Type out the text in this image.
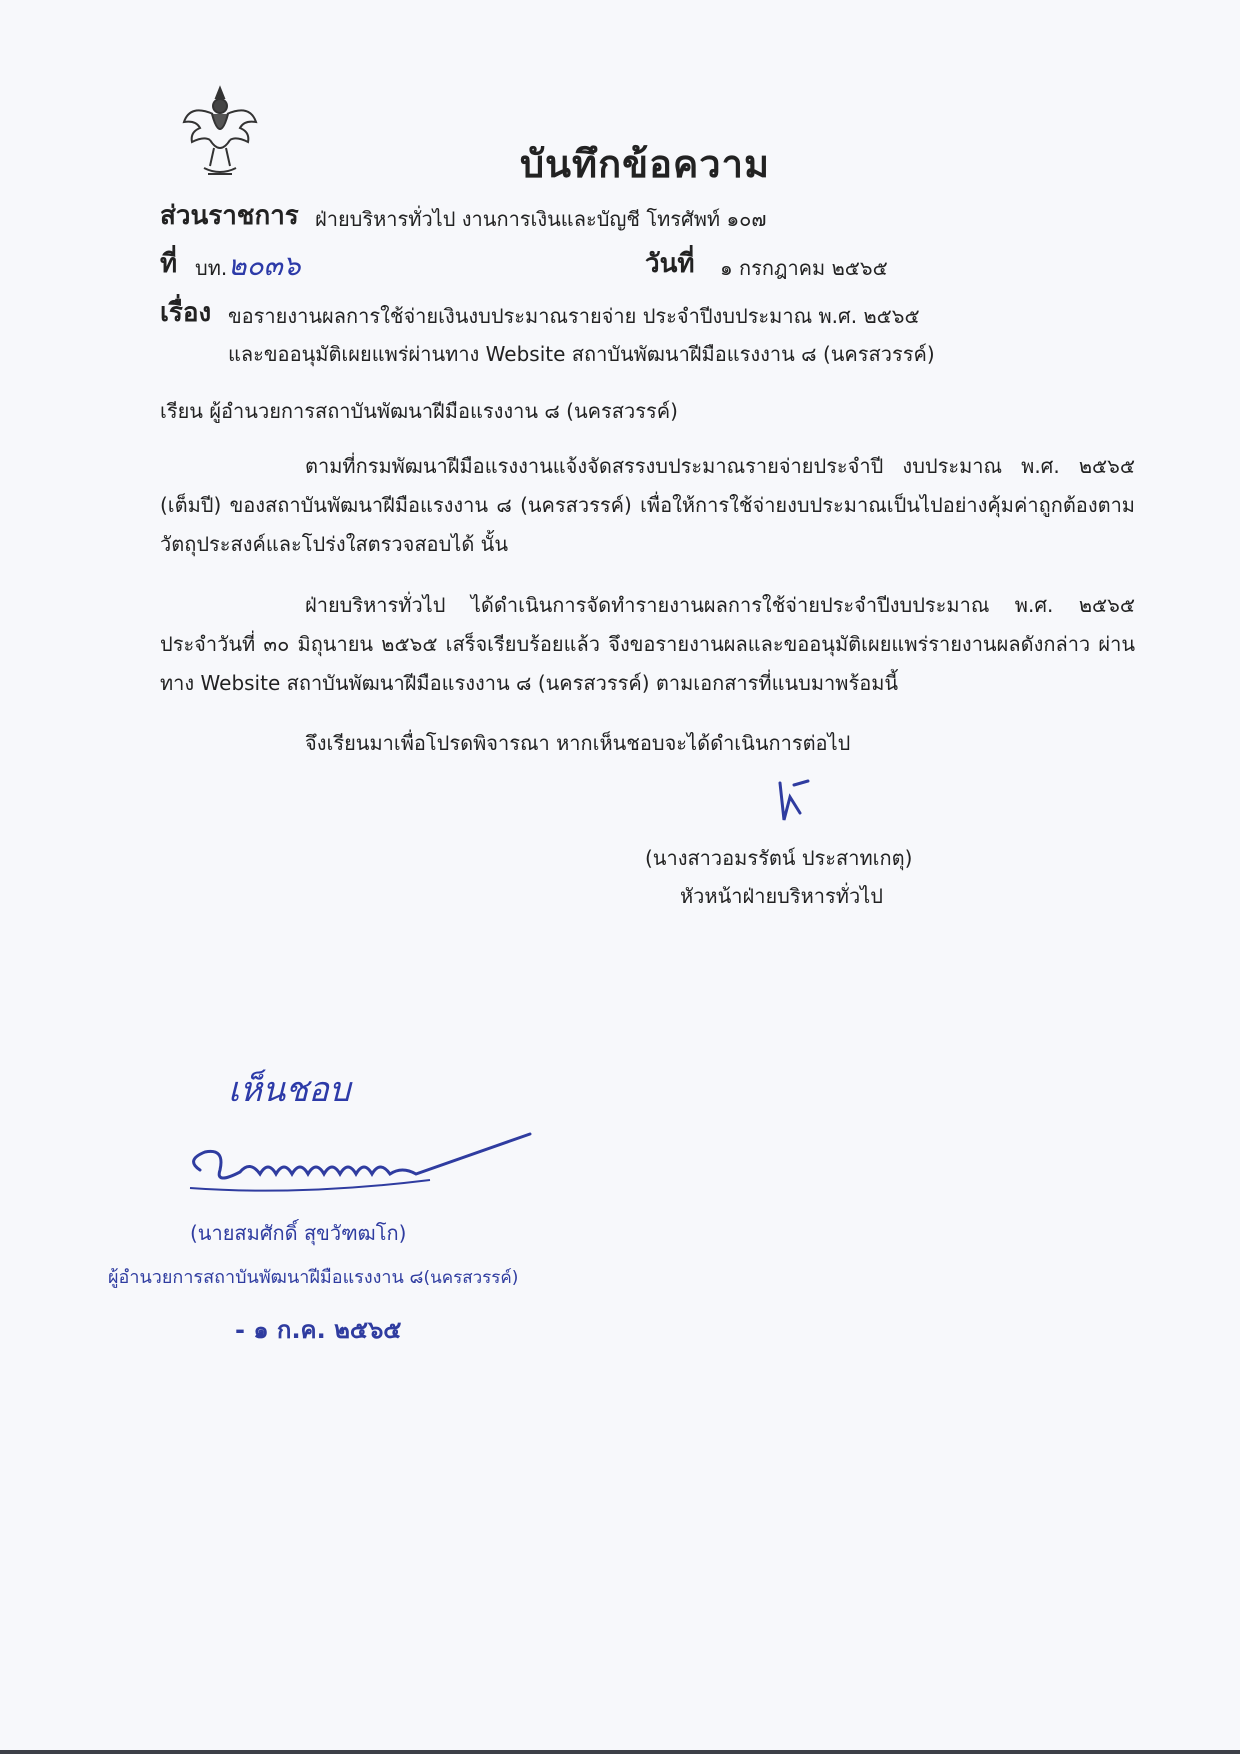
บันทึกข้อความ
ส่วนราชการ ฝ่ายบริหารทั่วไป งานการเงินและบัญชี โทรศัพท์ ๑๐๗
ที่ บท. ๒๐๓๖	วันที่ ๑ กรกฎาคม ๒๕๖๕
เรื่อง ขอรายงานผลการใช้จ่ายเงินงบประมาณรายจ่าย ประจำปีงบประมาณ พ.ศ. ๒๕๖๕
และขออนุมัติเผยแพร่ผ่านทาง Website สถาบันพัฒนาฝีมือแรงงาน ๘ (นครสวรรค์)
เรียน ผู้อำนวยการสถาบันพัฒนาฝีมือแรงงาน ๘ (นครสวรรค์)
ตามที่กรมพัฒนาฝีมือแรงงานแจ้งจัดสรรงบประมาณรายจ่ายประจำปี งบประมาณ พ.ศ. ๒๕๖๕ (เต็มปี) ของสถาบันพัฒนาฝีมือแรงงาน ๘ (นครสวรรค์) เพื่อให้การใช้จ่ายงบประมาณเป็นไปอย่างคุ้มค่าถูกต้องตามวัตถุประสงค์และโปร่งใสตรวจสอบได้ นั้น
ฝ่ายบริหารทั่วไป ได้ดำเนินการจัดทำรายงานผลการใช้จ่ายประจำปีงบประมาณ พ.ศ. ๒๕๖๕ ประจำวันที่ ๓๐ มิถุนายน ๒๕๖๕ เสร็จเรียบร้อยแล้ว จึงขอรายงานผลและขออนุมัติเผยแพร่รายงานผลดังกล่าว ผ่านทาง Website สถาบันพัฒนาฝีมือแรงงาน ๘ (นครสวรรค์) ตามเอกสารที่แนบมาพร้อมนี้
จึงเรียนมาเพื่อโปรดพิจารณา หากเห็นชอบจะได้ดำเนินการต่อไป
(นางสาวอมรรัตน์ ประสาทเกตุ)
หัวหน้าฝ่ายบริหารทั่วไป
เห็นชอบ
(นายสมศักดิ์ สุขวัฑฒโก)
ผู้อำนวยการสถาบันพัฒนาฝีมือแรงงาน ๘(นครสวรรค์)
- ๑ ก.ค. ๒๕๖๕
